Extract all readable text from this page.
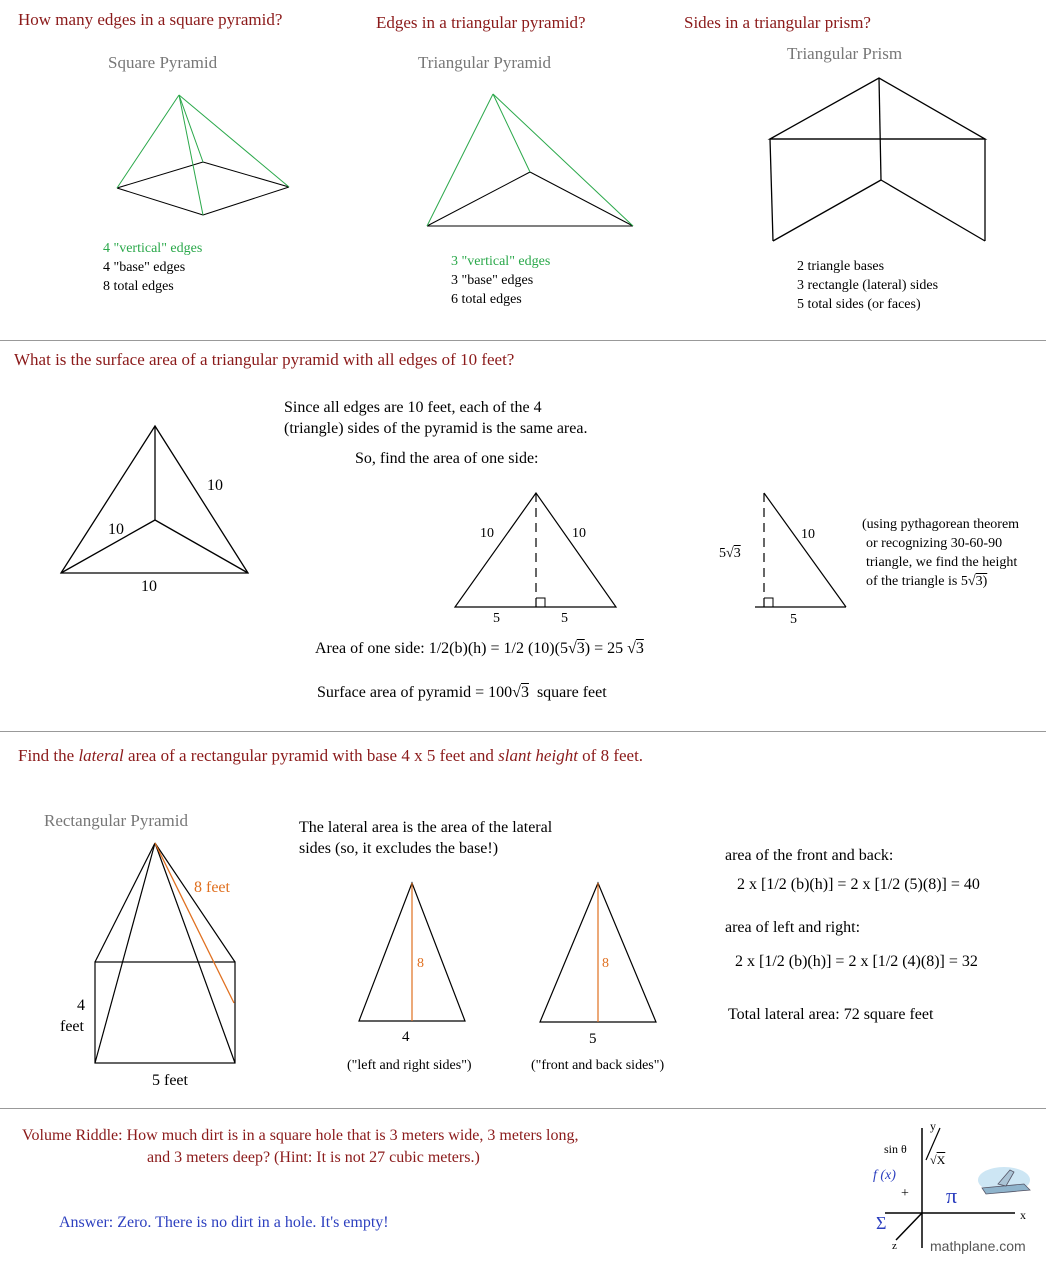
How many edges in a square pyramid?	Edges in a triangular pyramid?	Sides in a triangular prism?
Square Pyramid	Triangular Pyramid	Triangular Prism
4 "vertical" edges
4 "base" edges
8 total edges
3 "vertical" edges
3 "base" edges
6 total edges
2 triangle bases
3 rectangle (lateral) sides
5 total sides (or faces)
What is the surface area of a triangular pyramid with all edges of 10 feet?
10
10
10
Since all edges are 10 feet, each of the 4
(triangle) sides of the pyramid is the same area.
So, find the area of one side:
10	10
5	5
5√3
10
5
(using pythagorean theorem
or recognizing 30-60-90
triangle, we find the height
of the triangle is 5√3)
Area of one side: 1/2(b)(h) = 1/2 (10)(5√3) = 25 √3
Surface area of pyramid = 100√3 square feet
Find the lateral area of a rectangular pyramid with base 4 x 5 feet and slant height of 8 feet.
Rectangular Pyramid
8 feet
4
feet
5 feet
The lateral area is the area of the lateral
sides (so, it excludes the base!)
8
4
("left and right sides")
8
5
("front and back sides")
area of the front and back:
2 x [1/2 (b)(h)] = 2 x [1/2 (5)(8)] = 40
area of left and right:
2 x [1/2 (b)(h)] = 2 x [1/2 (4)(8)] = 32
Total lateral area: 72 square feet
Volume Riddle: How much dirt is in a square hole that is 3 meters wide, 3 meters long,
and 3 meters deep? (Hint: It is not 27 cubic meters.)
Answer: Zero. There is no dirt in a hole. It's empty!
y
x
z
sin θ
√X
f (x)
+ π
Σ
mathplane.com
